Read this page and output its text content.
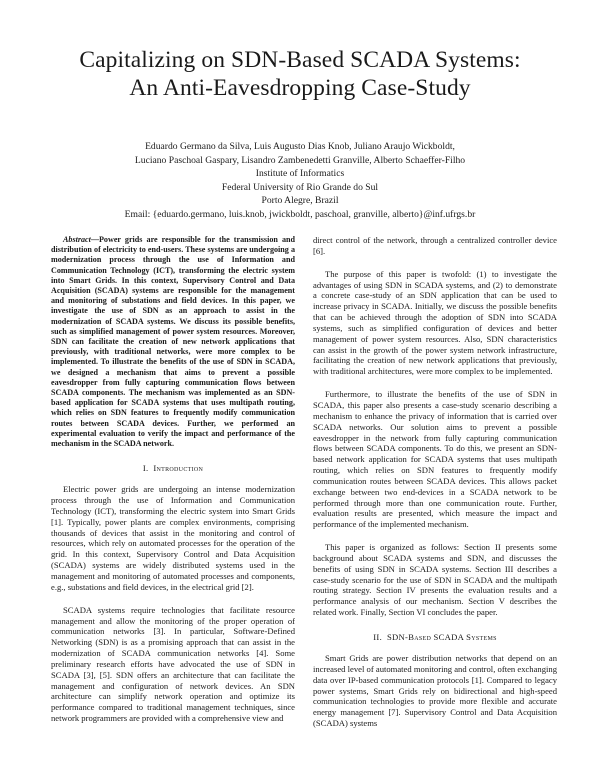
Capitalizing on SDN-Based SCADA Systems:
An Anti-Eavesdropping Case-Study
Eduardo Germano da Silva, Luis Augusto Dias Knob, Juliano Araujo Wickboldt,
Luciano Paschoal Gaspary, Lisandro Zambenedetti Granville, Alberto Schaeffer-Filho
Institute of Informatics
Federal University of Rio Grande do Sul
Porto Alegre, Brazil
Email: {eduardo.germano, luis.knob, jwickboldt, paschoal, granville, alberto}@inf.ufrgs.br

Abstract—Power grids are responsible for the transmission and distribution of electricity to end-users. These systems are undergoing a modernization process through the use of Information and Communication Technology (ICT), transforming the electric system into Smart Grids. In this context, Supervisory Control and Data Acquisition (SCADA) systems are responsible for the management and monitoring of substations and field devices. In this paper, we investigate the use of SDN as an approach to assist in the modernization of SCADA systems. We discuss its possible benefits, such as simplified management of power system resources. Moreover, SDN can facilitate the creation of new network applications that previously, with traditional networks, were more complex to be implemented. To illustrate the benefits of the use of SDN in SCADA, we designed a mechanism that aims to prevent a possible eavesdropper from fully capturing communication flows between SCADA components. The mechanism was implemented as an SDN-based application for SCADA systems that uses multipath routing, which relies on SDN features to frequently modify communication routes between SCADA devices. Further, we performed an experimental evaluation to verify the impact and performance of the mechanism in the SCADA network.

I. Introduction

Electric power grids are undergoing an intense modernization process through the use of Information and Communication Technology (ICT), transforming the electric system into Smart Grids [1]. Typically, power plants are complex environments, comprising thousands of devices that assist in the monitoring and control of resources, which rely on automated processes for the operation of the grid. In this context, Supervisory Control and Data Acquisition (SCADA) systems are widely distributed systems used in the management and monitoring of automated processes and components, e.g., substations and field devices, in the electrical grid [2].

SCADA systems require technologies that facilitate resource management and allow the monitoring of the proper operation of communication networks [3]. In particular, Software-Defined Networking (SDN) is as a promising approach that can assist in the modernization of SCADA communication networks [4]. Some preliminary research efforts have advocated the use of SDN in SCADA [3], [5]. SDN offers an architecture that can facilitate the management and configuration of network devices. An SDN architecture can simplify network operation and optimize its performance compared to traditional management techniques, since network programmers are provided with a comprehensive view and

direct control of the network, through a centralized controller device [6].

The purpose of this paper is twofold: (1) to investigate the advantages of using SDN in SCADA systems, and (2) to demonstrate a concrete case-study of an SDN application that can be used to increase privacy in SCADA. Initially, we discuss the possible benefits that can be achieved through the adoption of SDN into SCADA systems, such as simplified configuration of devices and better management of power system resources. Also, SDN characteristics can assist in the growth of the power system network infrastructure, facilitating the creation of new network applications that previously, with traditional architectures, were more complex to be implemented.

Furthermore, to illustrate the benefits of the use of SDN in SCADA, this paper also presents a case-study scenario describing a mechanism to enhance the privacy of information that is carried over SCADA networks. Our solution aims to prevent a possible eavesdropper in the network from fully capturing communication flows between SCADA components. To do this, we present an SDN-based network application for SCADA systems that uses multipath routing, which relies on SDN features to frequently modify communication routes between SCADA devices. This allows packet exchange between two end-devices in a SCADA network to be performed through more than one communication route. Further, evaluation results are presented, which measure the impact and performance of the implemented mechanism.

This paper is organized as follows: Section II presents some background about SCADA systems and SDN, and discusses the benefits of using SDN in SCADA systems. Section III describes a case-study scenario for the use of SDN in SCADA and the multipath routing strategy. Section IV presents the evaluation results and a performance analysis of our mechanism. Section V describes the related work. Finally, Section VI concludes the paper.

II. SDN-Based SCADA Systems

Smart Grids are power distribution networks that depend on an increased level of automated monitoring and control, often exchanging data over IP-based communication protocols [1]. Compared to legacy power systems, Smart Grids rely on bidirectional and high-speed communication technologies to provide more flexible and accurate energy management [7]. Supervisory Control and Data Acquisition (SCADA) systems
